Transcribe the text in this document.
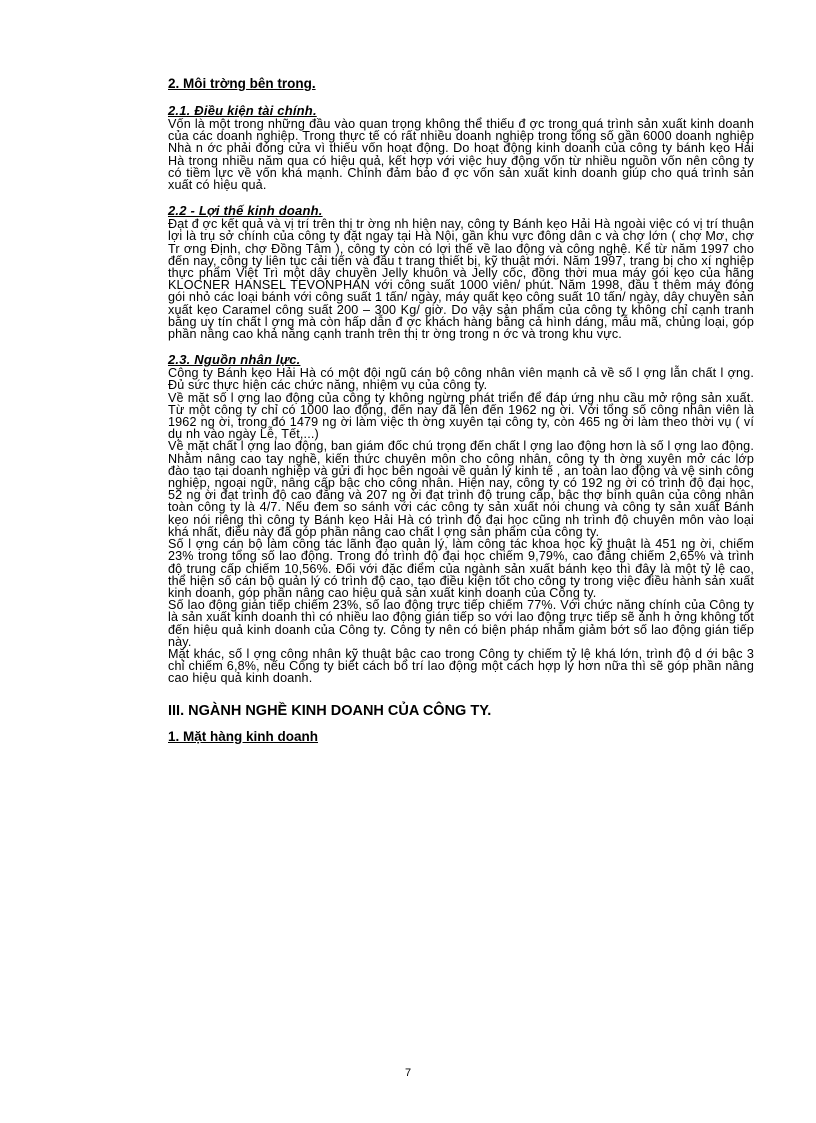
2. Môi trờng bên trong.

2.1. Điều kiện tài chính.

Vốn là một trong những đầu vào quan trọng không thể thiếu đ ợc trong quá trình sản xuất kinh doanh của các doanh nghiệp. Trong thực tế có rất nhiều doanh nghiệp trong tổng số gần 6000 doanh nghiệp Nhà n ớc phải đóng cửa vì thiếu vốn hoạt động. Do hoạt động kinh doanh của công ty bánh kẹo Hải Hà trong nhiều năm qua có hiệu quả, kết hợp với việc huy động vốn từ nhiều nguồn vốn nên công ty có tiềm lực về vốn khá mạnh. Chính đảm bảo đ ợc vốn sản xuất kinh doanh giúp cho quá trình sản xuất có hiệu quả.

2.2 - Lợi thế kinh doanh.

Đạt đ ợc kết quả và vị trí trên thị tr ờng nh hiện nay, công ty Bánh kẹo Hải Hà ngoài việc có vị trí thuận lợi là trụ sở chính của công ty đặt ngay tại Hà Nội, gần khu vực đông dân c và chợ lớn ( chợ Mơ, chợ Tr ơng Định, chợ Đồng Tâm ), công ty còn có lợi thế về lao động và công nghệ. Kể từ năm 1997 cho đến nay, công ty liên tục cải tiến và đầu t trang thiết bị, kỹ thuật mới. Năm 1997, trang bị cho xí nghiệp thực phẩm Việt Trì một dây chuyền Jelly khuôn và Jelly cốc, đồng thời mua máy gói kẹo của hãng KLOCNER HANSEL TEVONPHAN với công suất 1000 viên/ phút. Năm 1998, đầu t thêm máy đóng gói nhỏ các loại bánh với công suất 1 tấn/ ngày, máy quất kẹo công suất 10 tấn/ ngày, dây chuyền sản xuất kẹo Caramel công suất 200 – 300 Kg/ giờ. Do vậy sản phẩm của công ty không chỉ cạnh tranh bằng uy tín chất l ợng mà còn hấp dẫn đ ợc khách hàng bằng cả hình dáng, mẫu mã, chủng loại, góp phần nâng cao khả năng cạnh tranh trên thị tr ờng trong n ớc và trong khu vực.

2.3. Nguồn nhân lực.

Công ty Bánh kẹo Hải Hà có một đội ngũ cán bộ công nhân viên mạnh cả về số l ợng lẫn chất l ợng. Đủ sức thực hiện các chức năng, nhiệm vụ của công ty.

Về mặt số l ợng lao động của công ty không ngừng phát triển để đáp ứng nhu cầu mở rộng sản xuất. Từ một công ty chỉ có 1000 lao động, đến nay đã lên đến 1962 ng ời. Với tổng số công nhân viên là 1962 ng ời, trong đó 1479 ng ời làm việc th ờng xuyên tại công ty, còn 465 ng ời làm theo thời vụ ( ví dụ nh vào ngày Lễ, Tết,...)

Về mặt chất l ợng lao động, ban giám đốc chú trọng đến chất l ợng lao động hơn là số l ợng lao động. Nhằm nâng cao tay nghề, kiến thức chuyên môn cho công nhân, công ty th ờng xuyên mở các lớp đào tạo tại doanh nghiệp và gửi đi học bên ngoài về quản lý kinh tế , an toàn lao động và vệ sinh công nghiệp, ngoại ngữ, nâng cấp bậc cho công nhân. Hiện nay, công ty có 192 ng ời có trình độ đại học, 52 ng ời đạt trình độ cao đẳng và 207 ng ời đạt trình độ trung cấp, bậc thợ bình quân của công nhân toàn công ty là 4/7. Nếu đem so sánh với các công ty sản xuất nói chung và công ty sản xuất Bánh kẹo nói riêng thì công ty Bánh kẹo Hải Hà có trình độ đại học cũng nh trình độ chuyên môn vào loại khá nhất, điều này đã góp phần nâng cao chất l ợng sản phẩm của công ty.

Số l ợng cán bộ làm công tác lãnh đạo quản lý, làm công tác khoa học kỹ thuật là 451 ng ời, chiếm 23% trong tổng số lao động. Trong đó trình độ đại học chiếm 9,79%, cao đẳng chiếm 2,65% và trình độ trung cấp chiếm 10,56%. Đối với đặc điểm của ngành sản xuất bánh kẹo thì đây là một tỷ lệ cao, thể hiện số cán bộ quản lý có trình độ cao, tạo điều kiện tốt cho công ty trong việc điều hành sản xuất kinh doanh, góp phần nâng cao hiệu quả sản xuất kinh doanh của Công ty.

Số lao động gián tiếp chiếm 23%, số lao động trực tiếp chiếm 77%. Với chức năng chính của Công ty là sản xuất kinh doanh thì có nhiều lao động gián tiếp so với lao động trực tiếp sẽ ảnh h ởng không tốt đến hiệu quả kinh doanh của Công ty. Công ty nên có biện pháp nhằm giảm bớt số lao động gián tiếp này.

Mặt khác, số l ợng công nhân kỹ thuật bậc cao trong Công ty chiếm tỷ lệ khá lớn, trình độ d ới bậc 3 chỉ chiếm 6,8%, nếu Công ty biết cách bố trí lao động một cách hợp lý hơn nữa thì sẽ góp phần nâng cao hiệu quả kinh doanh.

III. NGÀNH NGHỀ KINH DOANH CỦA CÔNG TY.

1. Mặt hàng kinh doanh

7
